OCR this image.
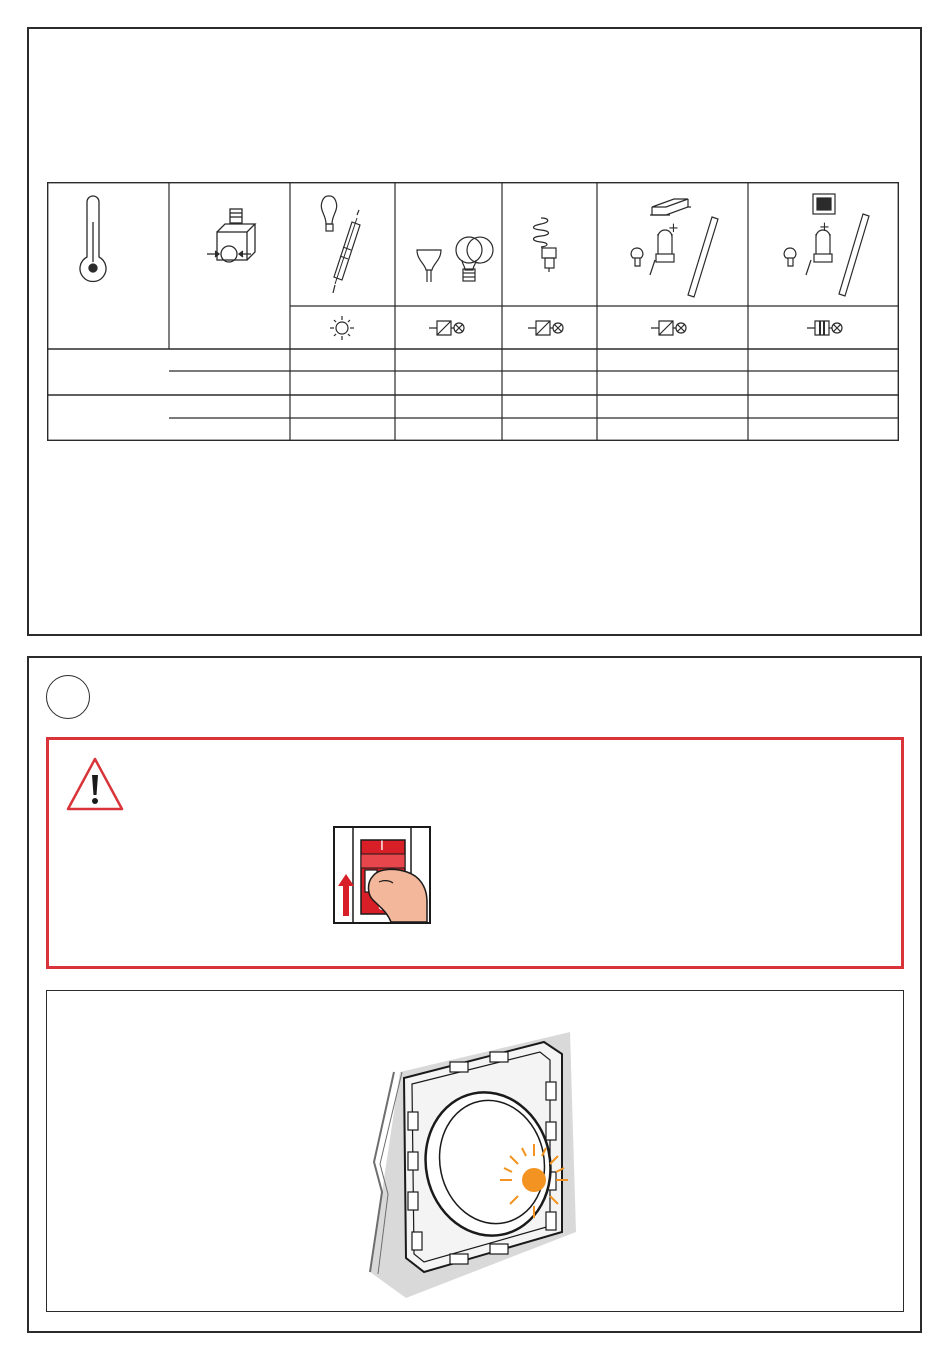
+	+
I
